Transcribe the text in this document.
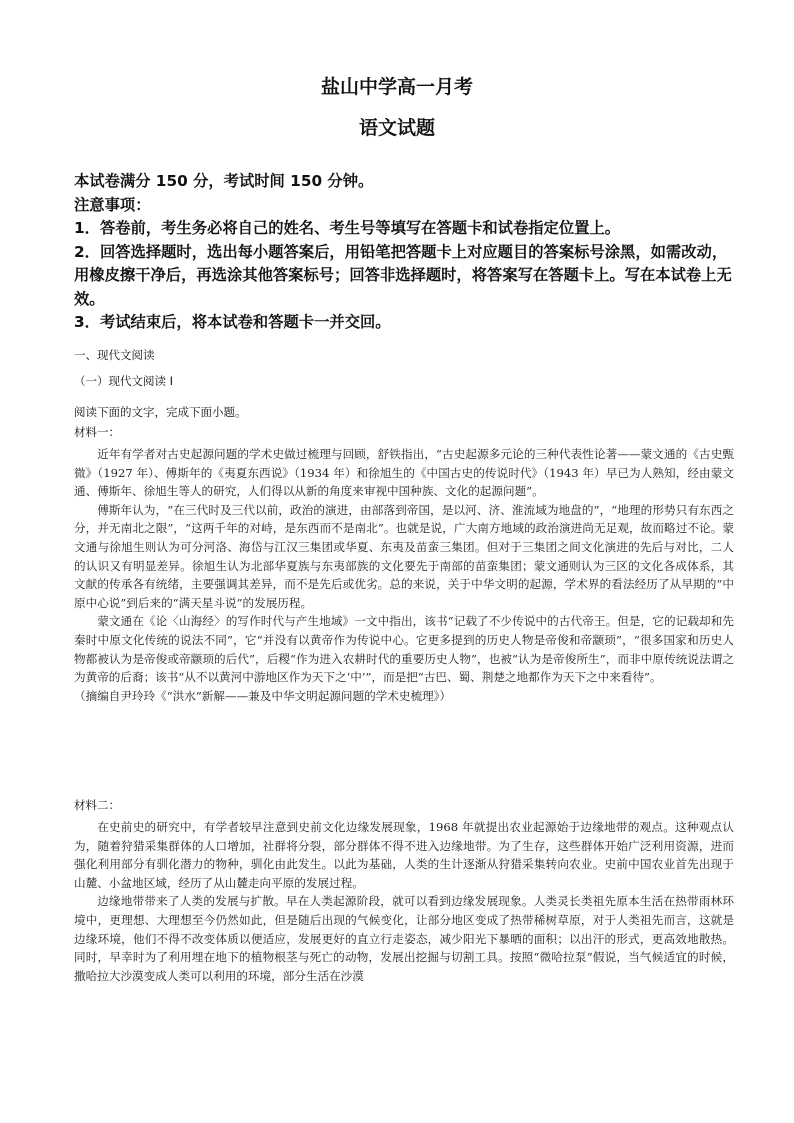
盐山中学高一月考
语文试题

本试卷满分 150 分，考试时间 150 分钟。

注意事项：

1．答卷前，考生务必将自己的姓名、考生号等填写在答题卡和试卷指定位置上。

2．回答选择题时，选出每小题答案后，用铅笔把答题卡上对应题目的答案标号涂黑，如需改动，用橡皮擦干净后，再选涂其他答案标号；回答非选择题时，将答案写在答题卡上。写在本试卷上无效。

3．考试结束后，将本试卷和答题卡一并交回。

一、现代文阅读
（一）现代文阅读 I
阅读下面的文字，完成下面小题。
材料一：

近年有学者对古史起源问题的学术史做过梳理与回顾，舒铁指出，“古史起源多元论的三种代表性论著——蒙文通的《古史甄微》（1927 年）、傅斯年的《夷夏东西说》（1934 年）和徐旭生的《中国古史的传说时代》（1943 年）早已为人熟知，经由蒙文通、傅斯年、徐旭生等人的研究，人们得以从新的角度来审视中国种族、文化的起源问题”。

傅斯年认为，“在三代时及三代以前，政治的演进，由部落到帝国，是以河、济、淮流域为地盘的”，“地理的形势只有东西之分，并无南北之限”，“这两千年的对峙，是东西而不是南北”。也就是说，广大南方地域的政治演进尚无足观，故而略过不论。蒙文通与徐旭生则认为可分河洛、海岱与江汉三集团或华夏、东夷及苗蛮三集团。但对于三集团之间文化演进的先后与对比，二人的认识又有明显差异。徐旭生认为北部华夏族与东夷部族的文化要先于南部的苗蛮集团；蒙文通则认为三区的文化各成体系，其文献的传承各有统绪，主要强调其差异，而不是先后或优劣。总的来说，关于中华文明的起源，学术界的看法经历了从早期的“中原中心说”到后来的“满天星斗说”的发展历程。

蒙文通在《论〈山海经〉的写作时代与产生地域》一文中指出，该书“记载了不少传说中的古代帝王。但是，它的记载却和先秦时中原文化传统的说法不同”，它“并没有以黄帝作为传说中心。它更多提到的历史人物是帝俊和帝颛顼”，“很多国家和历史人物都被认为是帝俊或帝颛顼的后代”，后稷“作为进入农耕时代的重要历史人物”，也被“认为是帝俊所生”，而非中原传统说法谓之为黄帝的后裔；该书“从不以黄河中游地区作为天下之‘中’”，而是把“古巴、蜀、荆楚之地都作为天下之中来看待”。

（摘编自尹玲玲《“洪水”新解——兼及中华文明起源问题的学术史梳理》）

材料二：

在史前史的研究中，有学者较早注意到史前文化边缘发展现象，1968 年就提出农业起源始于边缘地带的观点。这种观点认为，随着狩猎采集群体的人口增加，社群将分裂，部分群体不得不进入边缘地带。为了生存，这些群体开始广泛利用资源，进而强化利用部分有驯化潜力的物种，驯化由此发生。以此为基础，人类的生计逐渐从狩猎采集转向农业。史前中国农业首先出现于山麓、小盆地区域，经历了从山麓走向平原的发展过程。

边缘地带带来了人类的发展与扩散。早在人类起源阶段，就可以看到边缘发展现象。人类灵长类祖先原本生活在热带雨林环境中，更理想、大理想至今仍然如此，但是随后出现的气候变化，让部分地区变成了热带稀树草原，对于人类祖先而言，这就是边缘环境，他们不得不改变体质以便适应，发展更好的直立行走姿态，减少阳光下暴晒的面积；以出汗的形式，更高效地散热。同时，早幸时为了利用埋在地下的植物根茎与死亡的动物，发展出挖掘与切割工具。按照“微哈拉泵”假说，当气候适宜的时候，撒哈拉大沙漠变成人类可以利用的环境，部分生活在沙漠
